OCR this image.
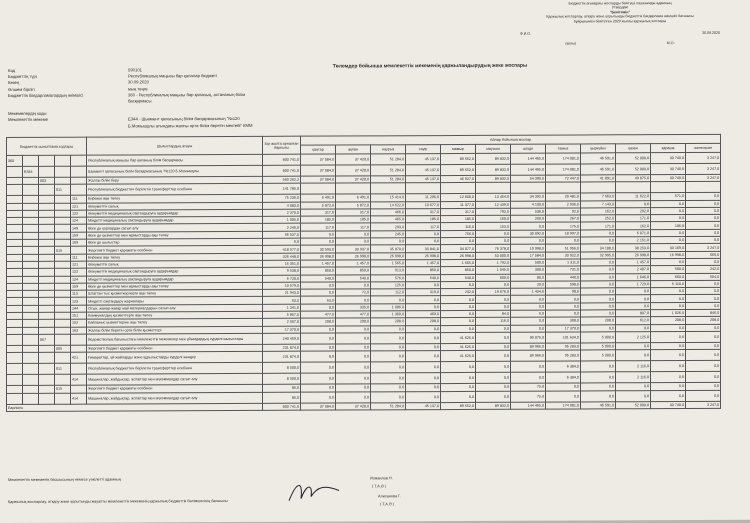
Бюджеттік ағымдағы жоспарды бекітуші лауазымды адамның
Утвердаю
"Бекітемін"
Қаржылық жоспарлау, атқару және қорытынды бюджеттік бағдарлама әкімшісі басшысы
бұйрығымен бекітілген 2020 жылғы қаржылық жоспары
Ф.И.О.	30.09.2020
(қолы)	М.О.
Код	590101
Бюджеттің түрі	Республикалық маңызы бар қалалар бюджеті
Кезең	30.09.2020
Өлшем бірлігі	мың теңге
Бюджеттік бағдарламалардың әкімшісі	360 - Республикалық маңызы бар қаланың, астананың білім басқармасы
Мекемелердің коды
Мемлекеттік мекеме	Е344 - Шымкент қаласының білім басқармасының "№120 Б.Момышұлы атындағы жалпы орта білім беретін мектебі" КММ
Төлемдер бойынша мемлекеттік мекеменің қаржыландырудың жеке жоспары
Бюджеттік сыныптама кодтары					Шығыстардың атауы	Бір жылға арналған барлығы	Айлар бойынша жоспар											
							қаңтар	ақпан	наурыз	сәуір	мамыр	маусым	шілде	тамыз	қыркүйек	қазан	қараша	желтоқсан
360					Республикалық маңызы бар қаланың білім басқармасы	800 741,0	37 084,0	37 428,0	51 284,0	45 137,0	89 552,0	89 832,0	144 465,0	174 081,0	46 591,0	52 000,0	30 740,0	3 247,0
	Е344				Шымкент қаласының білім басқармасының "№120 Б.Момышұлы	800 741,0	37 084,0	37 428,0	51 284,0	45 137,0	89 552,0	89 832,0	144 465,0	174 081,0	46 591,0	52 000,0	30 740,0	3 247,0
		003			Жалпы білім беру	560 262,2	37 084,0	37 428,0	51 284,0	45 137,0	46 927,0	89 832,0	54 390,0	72 447,0	41 891,0	49 875,0	30 740,0	3 247,0
			011		Республикалық бюджеттен берілетін трансферттер есебінен	141 785,0												
				111	Еңбекке ақы төлеу	75 236,0	6 491,0	6 491,0	15 414,0	11 296,0	12 600,0	13 454,0	34 392,0	20 481,0	7 663,0	11 622,0	571,0	0,0
				121	Әлеуметтік салық	4 083,0	5 872,0	5 872,0	14 622,0	10 677,0	11 377,0	12 439,0	4 100,0	2 936,0	7 143,0	0,0	0,0	0,0
				122	Әлеуметтік медициналық сақтандыруға аударымдар	2 370,0	317,0	317,0	466,0	317,0	317,0	792,0	536,0	92,0	162,0	292,0	0,0	0,0
				124	Міндетті медициналық сақтандыруға аударымдар	1 005,0	185,0	185,0	465,0	185,0	185,0	160,0	260,0	267,0	252,0	171,0	0,0	0,0
				149	Өзге де қорлардан сатып алу	2 246,0	117,0	117,0	293,0	117,0	116,0	153,0	0,0	175,0	171,0	162,0	106,0	0,0
				159	Өзге де қызметтер мен жұмыстарды ақы төлеу	56 537,0	0,0	0,0	245,0	0,0	756,0	0,0	30 092,0	18 997,0	0,0	6 071,0	0,0	0,0
				169	Өзге де шығыстар	6,0	0,0	0,0	0,0	0,0	0,0	0,0	0,0	0,0	0,0	2 151,0	0,0	0,0
			015		Жергілікті бюджет қаражаты есебінен	418 577,0	30 593,0	30 937,0	35 870,0	33 841,0	34 077,0	76 378,0	19 998,0	51 956,0	34 188,0	38 253,0	30 169,0	3 247,0
				111	Еңбекке ақы төлеу	326 448,0	26 998,0	26 998,0	26 998,0	26 998,0	26 998,0	53 000,0	17 584,0	30 922,0	32 995,0	26 998,0	16 998,0	666,0
				121	Әлеуметтік салық	16 351,0	1 457,0	1 457,0	1 565,0	1 457,0	1 565,0	1 792,0	500,0	1 311,0	0,0	1 457,0	0,0	0,0
				122	Әлеуметтік медициналық сақтандыруға аударымдар	9 538,0	850,0	850,0	913,0	850,0	850,0	1 045,0	308,0	731,0	0,0	2 407,0	500,0	242,0
				124	Міндетті медициналық сақтандыруға аударымдар	6 720,0	540,0	540,0	576,0	540,0	540,0	600,0	80,0	440,0	0,0	1 646,0	660,0	504,0
				159	Өзге де қызметтер мен жұмыстарды ақы төлеу	10 579,0	0,0	0,0	125,0	0,0	0,0	0,0	20,0	598,0	0,0	1 729,0	5 110,0	0,0
				113	Штаттан тыс қызметкерлерге ақы төлеу	21 943,0	0,0	72,0	112,0	319,0	232,0	19 676,0	1 434,0	98,0	0,0	0,0	0,0	0,0
				123	Міндетті сақтандыру жарналары	63,0	63,0	0,0	0,0	0,0	0,0	0,0	0,0	0,0	0,0	0,0	0,0	0,0
				144	Отын, жанар-жағар май материалдарын сатып алу	1 341,0	0,0	335,0	1 006,0	0,0	0,0	0,0	0,0	0,0	0,0	0,0	0,0	0,0
				151	Коммуналдық қызметтерге ақы төлеу	5 857,0	477,0	477,0	1 360,0	469,0	0,0	84,0	0,0	0,0	0,0	807,0	1 026,0	846,0
				152	Байланыс қызметтеріне ақы төлеу	2 507,0	208,0	208,0	208,0	208,0	0,0	116,0	0,0	308,0	208,0	612,0	208,0	208,0
				163	Жалпы білім беретін орта білім қызметтері	17 370,0	0,0	0,0	0,0	0,0	0,0	0,0	0,0	17 370,0	0,0	0,0	0,0	0,0
		067			Ведомстволық бағыныстағы мемлекеттік мекемелер мен ұйымдардың күрделі шығыстары	240 459,0	0,0	0,0	0,0	0,0	41 625,0	0,0	90 075,0	101 634,0	5 000,0	2 125,0	0,0	0,0
			005		Жергілікті бюджет қаражаты есебінен	231 874,0	0,0	0,0	0,0	0,0	41 625,0	0,0	89 966,0	95 283,0	5 000,0	0,0	0,0	0,0
				421	Ғимараттар, үй-жайларды және құрылыстарды күрделі жөндеу	231 874,0	0,0	0,0	0,0	0,0	41 625,0	0,0	89 966,0	95 283,0	5 000,0	0,0	0,0	0,0
			011		Республикалық бюджеттен берілетін трансферттер есебінен	8 500,0	0,0	0,0	0,0	0,0	0,0	0,0	0,0	6 384,0	0,0	2 116,0	0,0	0,0
				414	Машиналар, жабдықтар, аспаптар мен мүкәммалдар сатып алу	8 500,0	0,0	0,0	0,0	0,0	0,0	0,0	0,0	6 384,0	0,0	2 116,0	0,0	0,0
			015		Жергілікті бюджет қаражаты есебінен	85,0	0,0	0,0	0,0	0,0	0,0	0,0	75,0	0,0	0,0	0,0	0,0	0,0
				414	Машиналар, жабдықтар, аспаптар мен мүкәммалдар сатып алу	85,0	0,0	0,0	0,0	0,0	0,0	0,0	75,0	0,0	0,0	0,0	0,0	0,0
Барлығы						800 741,0	37 084,0	37 428,0	51 284,0	45 137,0	89 552,0	89 832,0	144 465,0	174 081,0	46 591,0	52 000,0	30 740,0	3 247,0
Мемлекеттік мекеменің басшысының немесе уәкілетті адамның
Қаржылық жоспарлау, атқару және қорытынды жауапты мемлекеттік мекеменің қаржылық-бюджеттік бөлімшесінің басшысы
Исмаилов Н.
( Т.А.Ә )
Алиханова Г.
( Т.А.Ә )
